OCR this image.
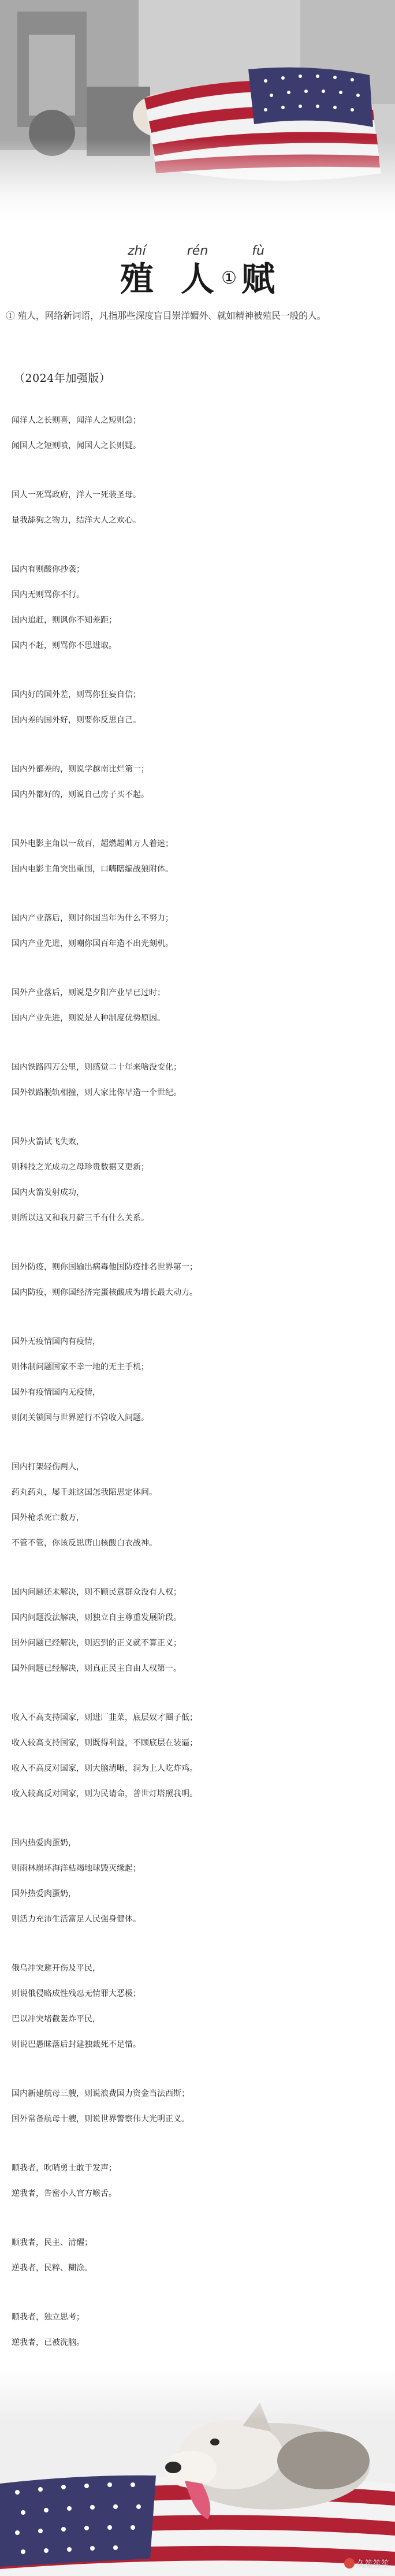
zhí
殖

rén
人 ①

fù
赋
① 殖人，网络新词语，凡指那些深度盲目崇洋媚外、就如精神被殖民一般的人。
（2024年加强版）
闻洋人之长则喜，闻洋人之短则急；
闻国人之短则喷，闻国人之长则疑。
国人一死骂政府，洋人一死装圣母。
量我舔狗之物力，结洋大人之欢心。
国内有则酸你抄袭；
国内无则骂你不行。
国内追赶，则讽你不知差距；
国内不赶，则骂你不思进取。
国内好的国外差，则骂你狂妄自信；
国内差的国外好，则要你反思自己。
国内外都差的，则说学越南比烂第一；
国内外都好的，则说自己房子买不起。
国外电影主角以一敌百，超燃超帅万人着迷；
国内电影主角突出重围，口嗨瞎编战狼附体。
国内产业落后，则讨你国当年为什么不努力；
国内产业先进，则嘲你国百年造不出光刻机。
国外产业落后，则说是夕阳产业早已过时；
国内产业先进，则说是人种制度优势原因。
国内铁路四万公里，则感觉二十年来啥没变化；
国外铁路脱轨相撞，则人家比你早造一个世纪。
国外火箭试飞失败，
则科技之光成功之母珍贵数据又更新；
国内火箭发射成功，
则所以这又和我月薪三千有什么关系。
国外防疫，则你国输出病毒他国防疫排名世界第一；
国内防疫，则你国经济完蛋核酸成为增长最大动力。
国外无疫情国内有疫情，
则体制问题国家不幸一地的无主手机；
国外有疫情国内无疫情，
则闭关锁国与世界逆行不管收入问题。
国内打架轻伤两人，
药丸药丸，屡千蛀这国怎我陷思定体问。
国外枪杀死亡数万，
不管不管，你该反思唐山核酸白衣战神。
国内问题还未解决，则不顾民意群众没有人权；
国内问题没法解决，则独立自主尊重发展阶段。
国外问题已经解决，则迟到的正义就不算正义；
国外问题已经解决，则真正民主自由人权第一。
收入不高支持国家，则进厂韭菜，底层奴才圈子低；
收入较高支持国家，则既得利益，不顾底层在装逼；
收入不高反对国家，则大脑清晰，洞为上人吃炸鸡。
收入较高反对国家，则为民请命，普世灯塔照我明。
国内热爱肉蛋奶，
则雨林崩坏海洋枯竭地球毁灭缘起；
国外热爱肉蛋奶，
则活力充沛生活富足人民强身健体。
俄乌冲突避开伤及平民，
则说俄侵略成性残忍无情罪大恶极；
巴以冲突堵截轰炸平民，
则说巴愚昧落后封建独裁死不足惜。
国内新建航母三艘，则说浪费国力资金当法西斯；
国外常备航母十艘，则说世界警察伟大光明正义。
顺我者，吹哨勇士敢于发声；
逆我者，告密小人官方喉舌。
顺我者，民主、清醒；
逆我者，民粹、糊涂。
顺我者，独立思考；
逆我者，已被洗脑。
久笙笙笙
